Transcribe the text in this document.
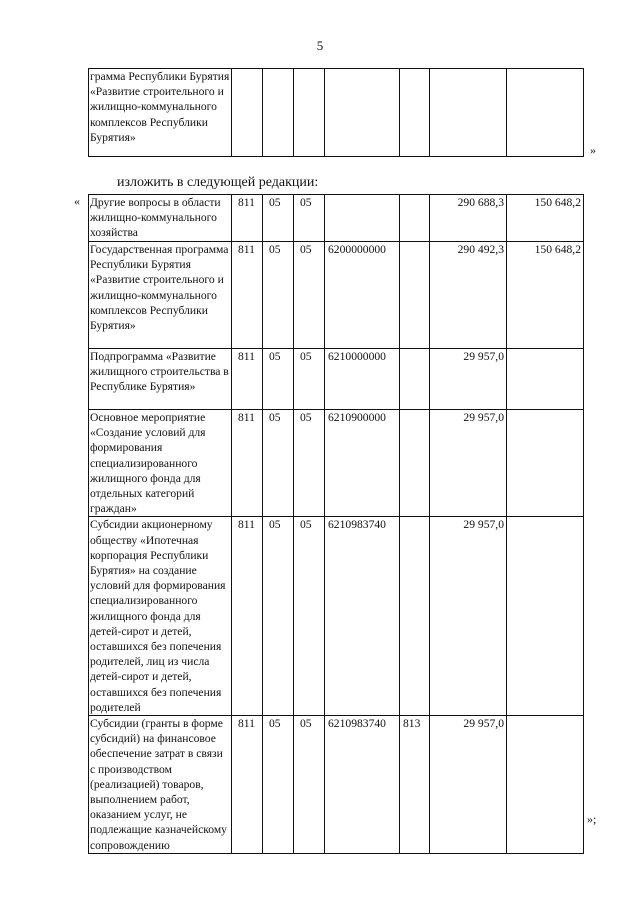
5
грамма Республики Бурятия «Развитие строительного и жилищно-коммунального комплексов Республики Бурятия»							
»
изложить в следующей редакции:
« Другие вопросы в области жилищно-коммунального хозяйства	811	05	05			290 688,3	150 648,2
Государственная программа Республики Бурятия «Развитие строительного и жилищно-коммунального комплексов Республики Бурятия»	811	05	05	6200000000		290 492,3	150 648,2
Подпрограмма «Развитие жилищного строительства в Республике Бурятия»	811	05	05	6210000000		29 957,0	
Основное мероприятие «Создание условий для формирования специализированного жилищного фонда для отдельных категорий граждан»	811	05	05	6210900000		29 957,0	
Субсидии акционерному обществу «Ипотечная корпорация Республики Бурятия» на создание условий для формирования специализированного жилищного фонда для детей-сирот и детей, оставшихся без попечения родителей, лиц из числа детей-сирот и детей, оставшихся без попечения родителей	811	05	05	6210983740		29 957,0	
Субсидии (гранты в форме субсидий) на финансовое обеспечение затрат в связи с производством (реализацией) товаров, выполнением работ, оказанием услуг, не подлежащие казначейскому сопровождению	811	05	05	6210983740	813	29 957,0	
»;
